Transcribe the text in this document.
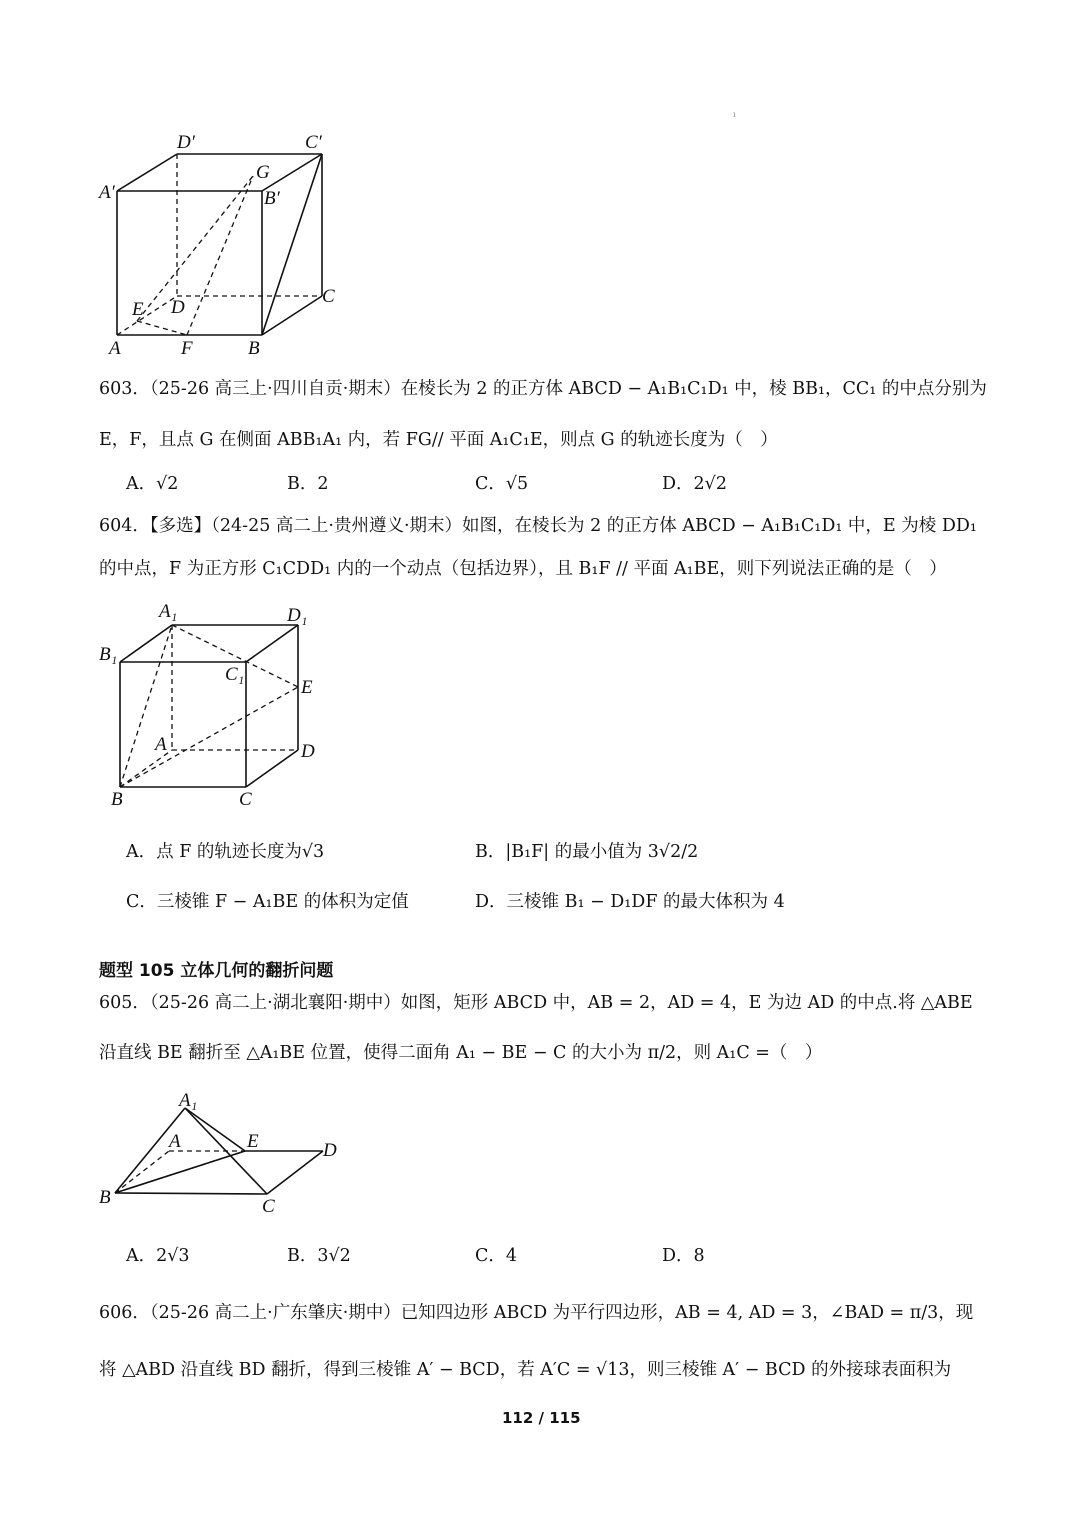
ı
D′	C′
A′
G
B′
E D
C
A	F	B
603．（25-26 高三上·四川自贡·期末）在棱长为 2 的正方体 ABCD − A₁B₁C₁D₁ 中，棱 BB₁，CC₁ 的中点分别为
E，F，且点 G 在侧面 ABB₁A₁ 内，若 FG// 平面 A₁C₁E，则点 G 的轨迹长度为（　）
A．√2	B．2	C．√5	D．2√2
604．【多选】（24-25 高二上·贵州遵义·期末）如图，在棱长为 2 的正方体 ABCD − A₁B₁C₁D₁ 中，E 为棱 DD₁
的中点，F 为正方形 C₁CDD₁ 内的一个动点（包括边界），且 B₁F // 平面 A₁BE，则下列说法正确的是（　）
A₁	D₁
B₁
C₁
E
A	D
B	C
A．点 F 的轨迹长度为√3	B．|B₁F| 的最小值为 3√2/2
C．三棱锥 F − A₁BE 的体积为定值	D．三棱锥 B₁ − D₁DF 的最大体积为 4
题型 105 立体几何的翻折问题
605．（25-26 高二上·湖北襄阳·期中）如图，矩形 ABCD 中，AB = 2，AD = 4，E 为边 AD 的中点.将 △ABE
沿直线 BE 翻折至 △A₁BE 位置，使得二面角 A₁ − BE − C 的大小为 π/2，则 A₁C =（　）
A₁
A	E	D
B	C
A．2√3	B．3√2	C．4	D．8
606．（25-26 高二上·广东肇庆·期中）已知四边形 ABCD 为平行四边形，AB = 4, AD = 3，∠BAD = π/3，现
将 △ABD 沿直线 BD 翻折，得到三棱锥 A′ − BCD，若 A′C = √13，则三棱锥 A′ − BCD 的外接球表面积为
112 / 115
